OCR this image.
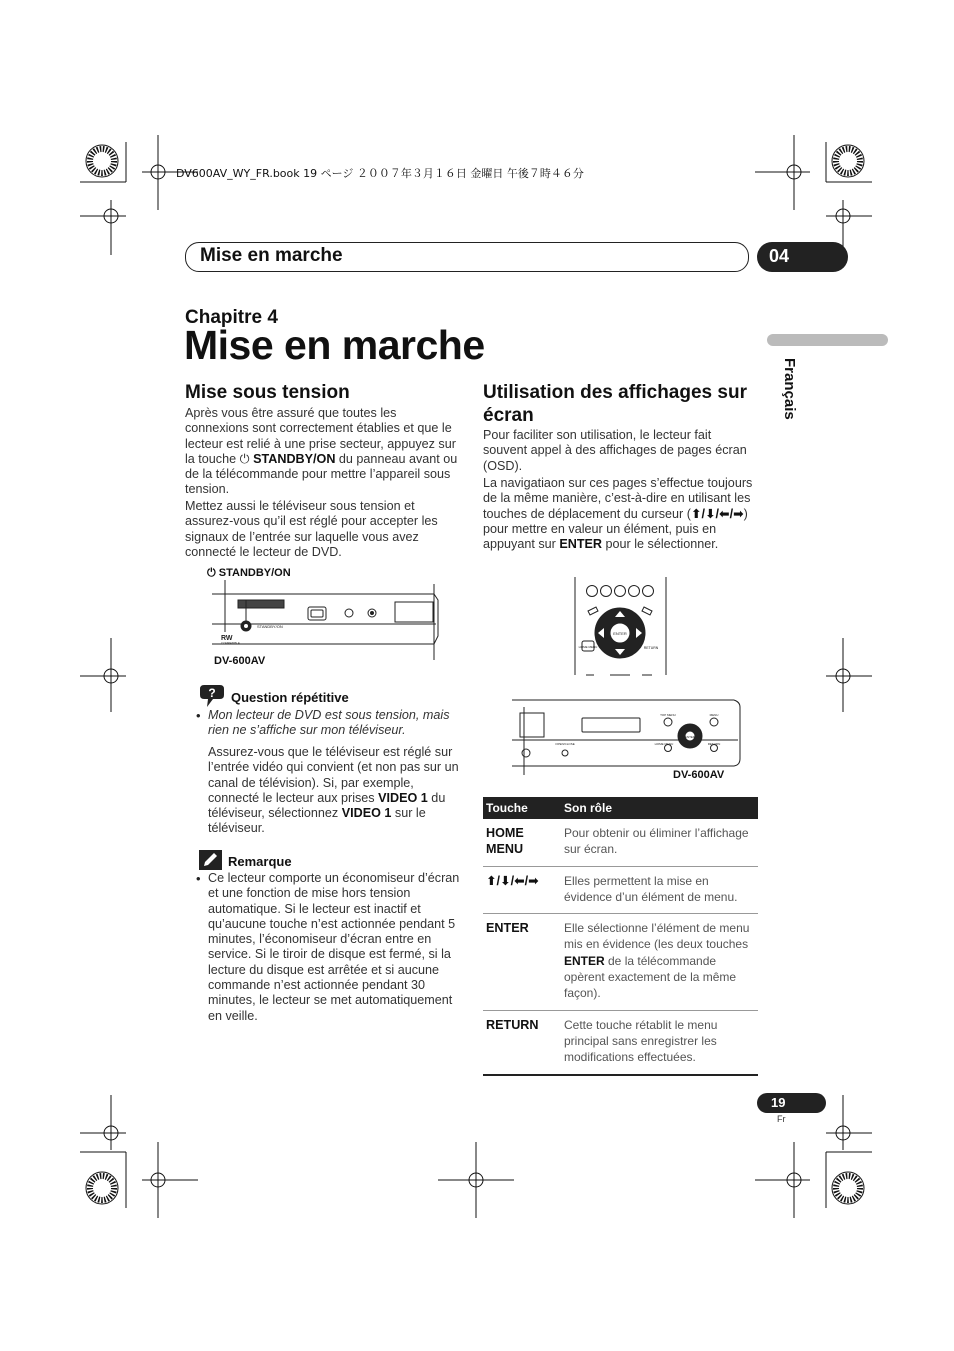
DV600AV_WY_FR.book 19 ページ ２００７年３月１６日 金曜日 午後７時４６分
Mise en marche	04
Chapitre 4
Mise en marche
Français
Mise sous tension
Après vous être assuré que toutes les connexions sont correctement établies et que le lecteur est relié à une prise secteur, appuyez sur la touche ⏻ STANDBY/ON du panneau avant ou de la télécommande pour mettre l’appareil sous tension.
Mettez aussi le téléviseur sous tension et assurez-vous qu’il est réglé pour accepter les signaux de l’entrée sur laquelle vous avez connecté le lecteur de DVD.
⏻ STANDBY/ON
STANDBY/ON
RW
COMPATIBLE
DV-600AV
? Question répétitive
• Mon lecteur de DVD est sous tension, mais rien ne s’affiche sur mon téléviseur.
Assurez-vous que le téléviseur est réglé sur l’entrée vidéo qui convient (et non pas sur un canal de télévision). Si, par exemple, connecté le lecteur aux prises VIDEO 1 du téléviseur, sélectionnez VIDEO 1 sur le téléviseur.
Remarque
• Ce lecteur comporte un économiseur d’écran et une fonction de mise hors tension automatique. Si le lecteur est inactif et qu’aucune touche n’est actionnée pendant 5 minutes, l’économiseur d’écran entre en service. Si le tiroir de disque est fermé, si la lecture du disque est arrêtée et si aucune commande n’est actionnée pendant 30 minutes, le lecteur se met automatiquement en veille.
Utilisation des affichages sur écran
Pour faciliter son utilisation, le lecteur fait souvent appel à des affichages de pages écran (OSD).
La navigatiaon sur ces pages s’effectue toujours de la même manière, c’est-à-dire en utilisant les touches de déplacement du curseur (⬆/⬇/⬅/➡) pour mettre en valeur un élément, puis en appuyant sur ENTER pour le sélectionner.
ENTER
HOME MENU	RETURN
TOP MENU	MENU
OPEN/CLOSE	HOME MENU	RETURN
ENTER
DV-600AV
Touche	Son rôle
HOME MENU	Pour obtenir ou éliminer l’affichage sur écran.
⬆/⬇/⬅/➡	Elles permettent la mise en évidence d’un élément de menu.
ENTER	Elle sélectionne l’élément de menu mis en évidence (les deux touches ENTER de la télécommande opèrent exactement de la même façon).
RETURN	Cette touche rétablit le menu principal sans enregistrer les modifications effectuées.
19
Fr
